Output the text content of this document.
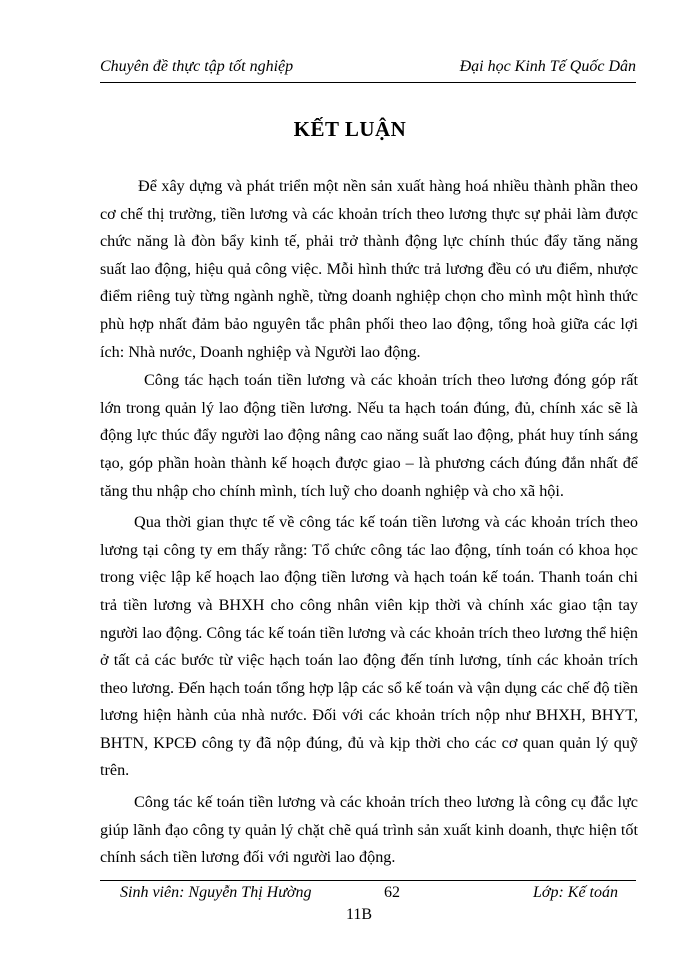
Chuyên đề thực tập tốt nghiệp	Đại học Kinh Tế Quốc Dân
KẾT LUẬN

Để xây dựng và phát triển một nền sản xuất hàng hoá nhiều thành phần theo cơ chế thị trường, tiền lương và các khoản trích theo lương thực sự phải làm được chức năng là đòn bẩy kinh tế, phải trở thành động lực chính thúc đẩy tăng năng suất lao động, hiệu quả công việc. Mỗi hình thức trả lương đều có ưu điểm, nhược điểm riêng tuỳ từng ngành nghề, từng doanh nghiệp chọn cho mình một hình thức phù hợp nhất đảm bảo nguyên tắc phân phối theo lao động, tổng hoà giữa các lợi ích: Nhà nước, Doanh nghiệp và Người lao động.

Công tác hạch toán tiền lương và các khoản trích theo lương đóng góp rất lớn trong quản lý lao động tiền lương. Nếu ta hạch toán đúng, đủ, chính xác sẽ là động lực thúc đẩy người lao động nâng cao năng suất lao động, phát huy tính sáng tạo, góp phần hoàn thành kế hoạch được giao – là phương cách đúng đắn nhất để tăng thu nhập cho chính mình, tích luỹ cho doanh nghiệp và cho xã hội.

Qua thời gian thực tế về công tác kế toán tiền lương và các khoản trích theo lương tại công ty em thấy rằng: Tổ chức công tác lao động, tính toán có khoa học trong việc lập kế hoạch lao động tiền lương và hạch toán kế toán. Thanh toán chi trả tiền lương và BHXH cho công nhân viên kịp thời và chính xác giao tận tay người lao động. Công tác kế toán tiền lương và các khoản trích theo lương thể hiện ở tất cả các bước từ việc hạch toán lao động đến tính lương, tính các khoản trích theo lương. Đến hạch toán tổng hợp lập các sổ kế toán và vận dụng các chế độ tiền lương hiện hành của nhà nước. Đối với các khoản trích nộp như BHXH, BHYT, BHTN, KPCĐ công ty đã nộp đúng, đủ và kịp thời cho các cơ quan quản lý quỹ trên.

Công tác kế toán tiền lương và các khoản trích theo lương là công cụ đắc lực giúp lãnh đạo công ty quản lý chặt chẽ quá trình sản xuất kinh doanh, thực hiện tốt chính sách tiền lương đối với người lao động.

Sinh viên: Nguyễn Thị Hường	62	Lớp: Kế toán
11B
